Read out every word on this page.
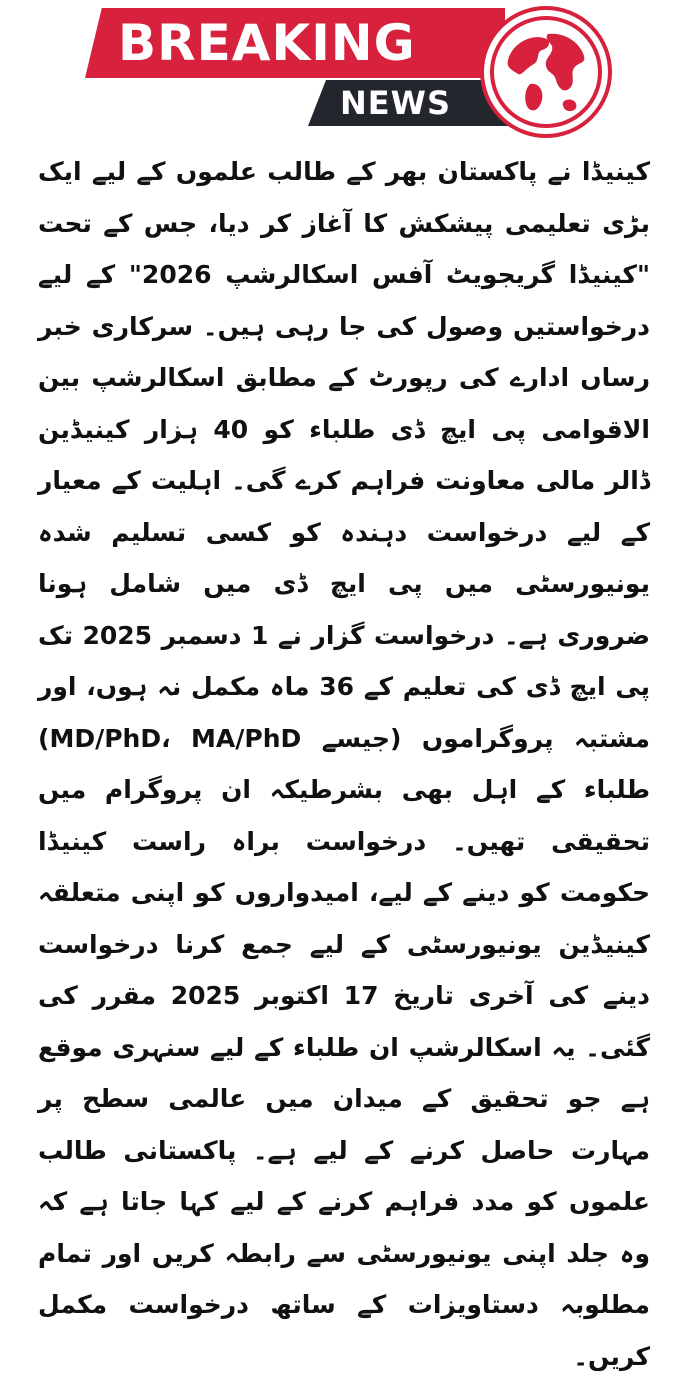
BREAKING
NEWS

کینیڈا نے پاکستان بھر کے طالب علموں کے لیے ایک بڑی تعلیمی پیشکش کا آغاز کر دیا، جس کے تحت "کینیڈا گریجویٹ آفس اسکالرشپ 2026" کے لیے درخواستیں وصول کی جا رہی ہیں۔ سرکاری خبر رساں ادارے کی رپورٹ کے مطابق اسکالرشپ بین الاقوامی پی ایچ ڈی طلباء کو 40 ہزار کینیڈین ڈالر مالی معاونت فراہم کرے گی۔ اہلیت کے معیار کے لیے درخواست دہندہ کو کسی تسلیم شدہ یونیورسٹی میں پی ایچ ڈی میں شامل ہونا ضروری ہے۔ درخواست گزار نے 1 دسمبر 2025 تک پی ایچ ڈی کی تعلیم کے 36 ماہ مکمل نہ ہوں، اور مشتبہ پروگراموں (جیسے MD/PhD، MA/PhD) طلباء کے اہل بھی بشرطیکہ ان پروگرام میں تحقیقی تھیں۔ درخواست براہ راست کینیڈا حکومت کو دینے کے لیے، امیدواروں کو اپنی متعلقہ کینیڈین یونیورسٹی کے لیے جمع کرنا درخواست دینے کی آخری تاریخ 17 اکتوبر 2025 مقرر کی گئی۔ یہ اسکالرشپ ان طلباء کے لیے سنہری موقع ہے جو تحقیق کے میدان میں عالمی سطح پر مہارت حاصل کرنے کے لیے ہے۔ پاکستانی طالب علموں کو مدد فراہم کرنے کے لیے کہا جاتا ہے کہ وہ جلد اپنی یونیورسٹی سے رابطہ کریں اور تمام مطلوبہ دستاویزات کے ساتھ درخواست مکمل کریں۔
